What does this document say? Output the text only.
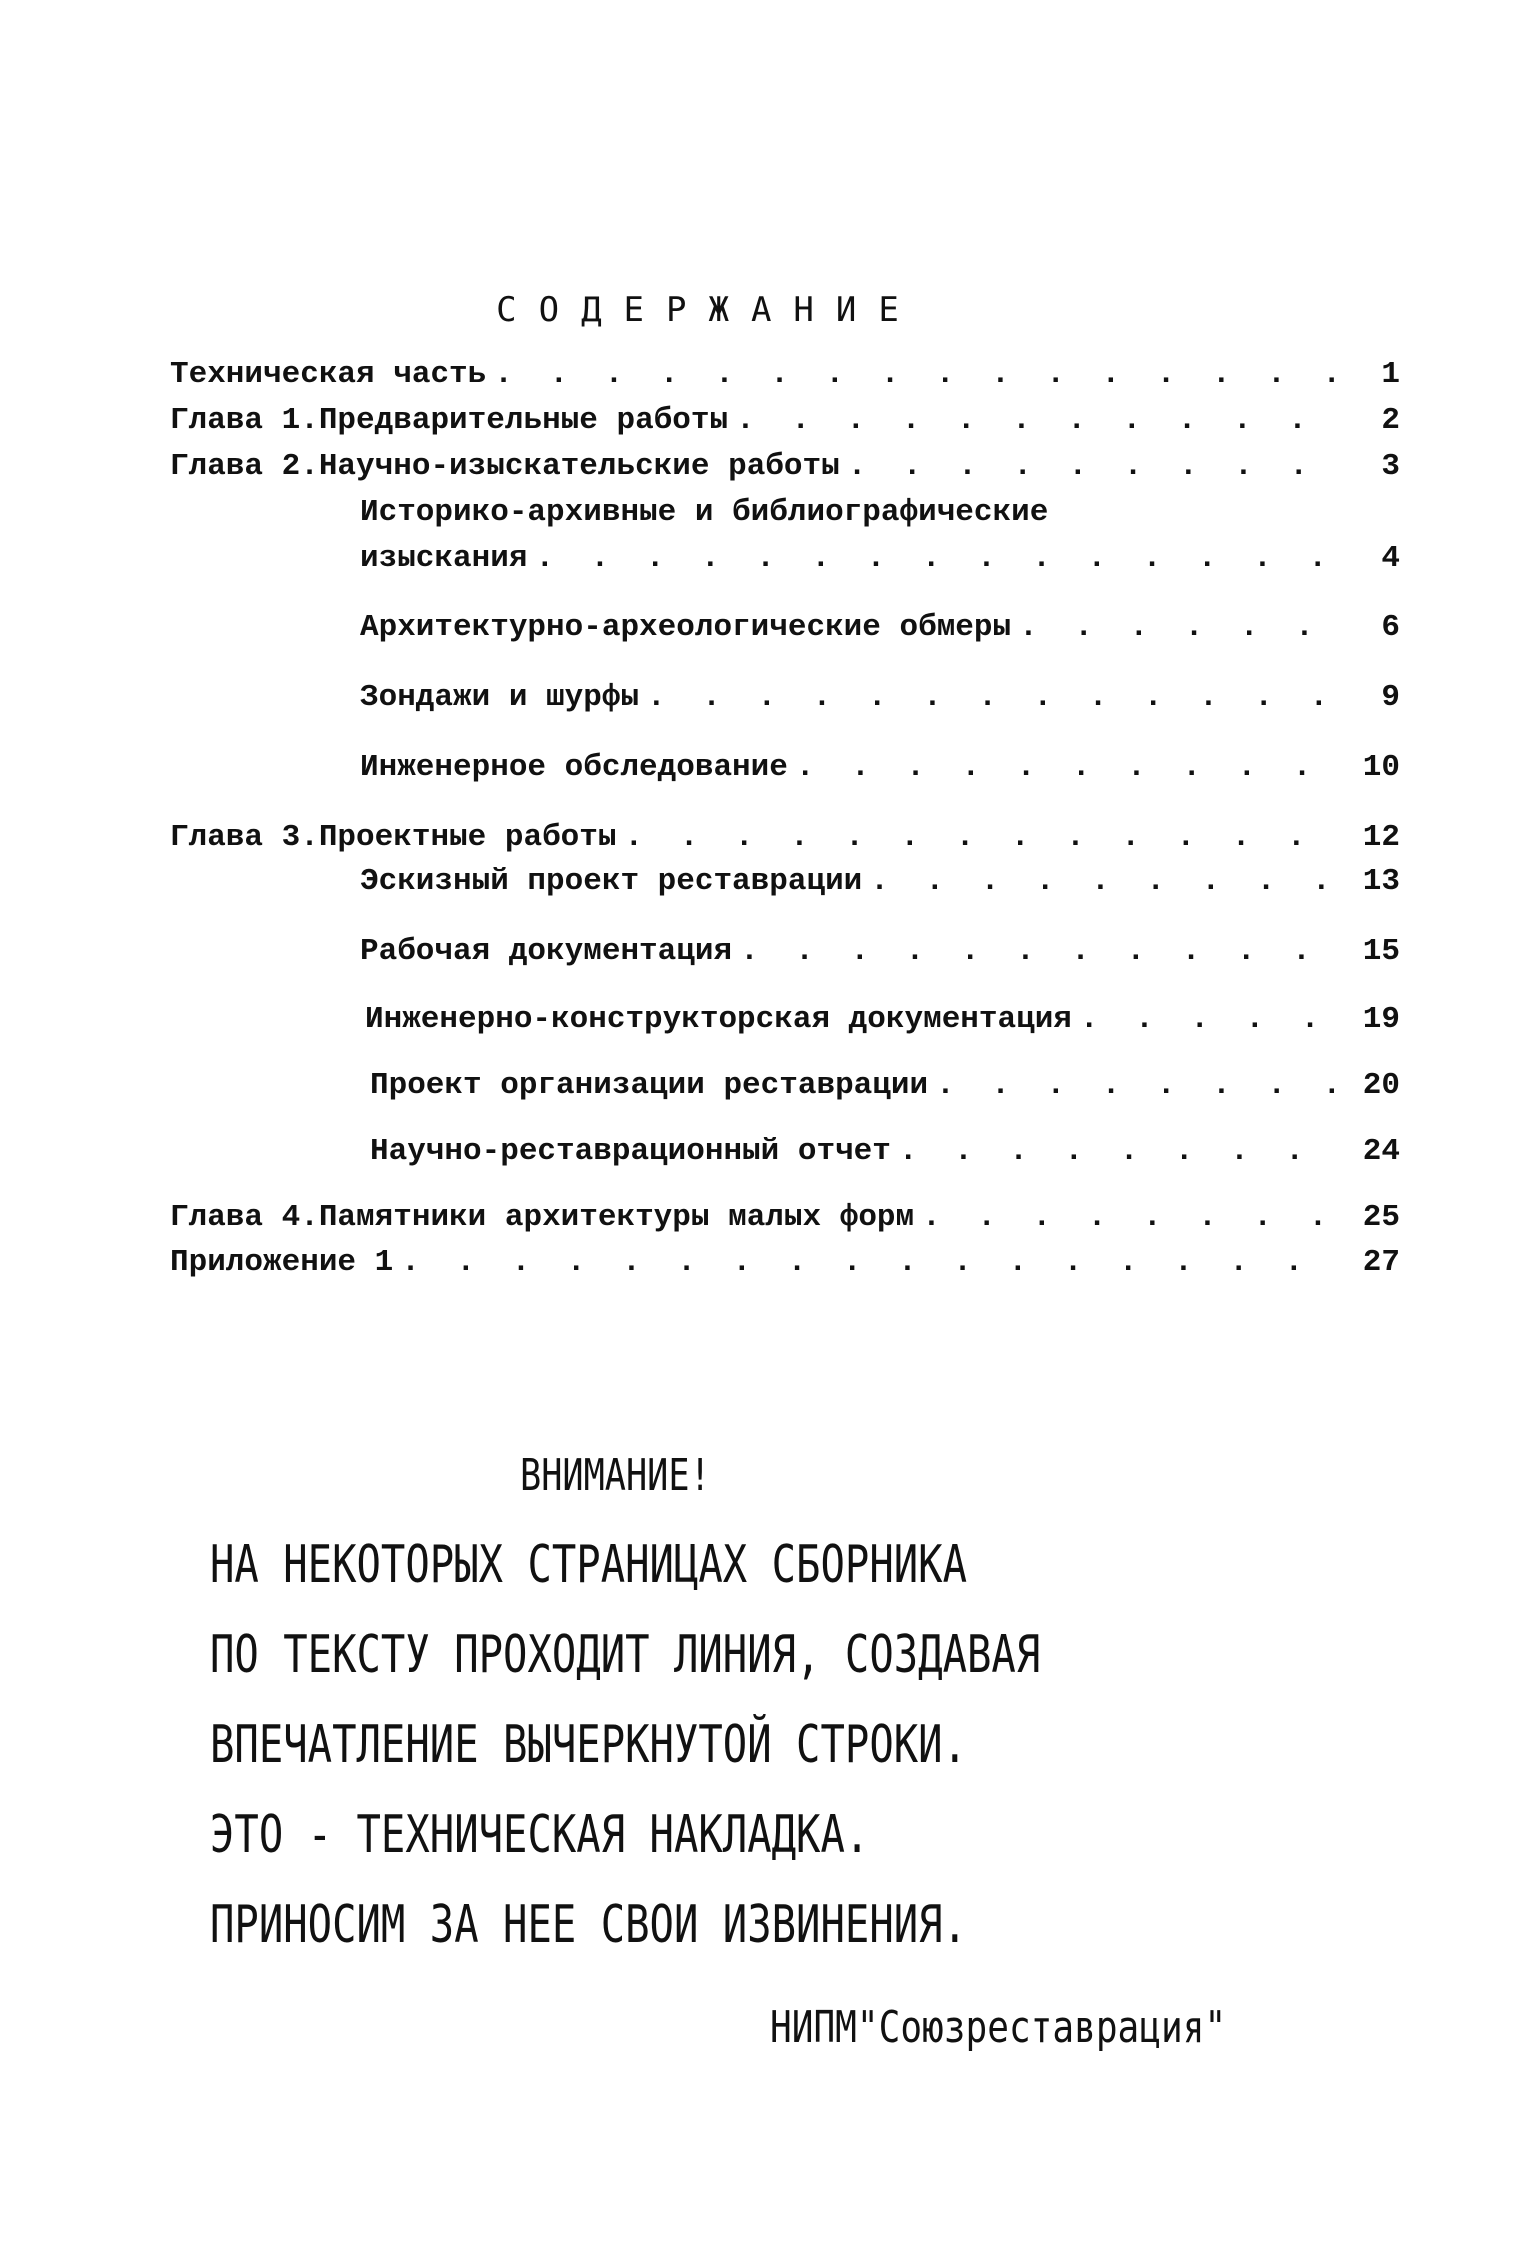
СОДЕРЖАНИЕ
Техническая часть . . .	1
Глава 1. Предварительные работы . . .	2
Глава 2. Научно-изыскательские работы . . .	3
Историко-архивные и библиографические
изыскания . . .	4
Архитектурно-археологические обмеры . . .	6
Зондажи и шурфы . . .	9
Инженерное обследование . . .	10
Глава 3. Проектные работы . . .	12
Эскизный проект реставрации . . .	13
Рабочая документация . . .	15
Инженерно-конструкторская документация . . .	19
Проект организации реставрации . . .	20
Научно-реставрационный отчет . . .	24
Глава 4. Памятники архитектуры малых форм . . .	25
Приложение 1 . . .	27
ВНИМАНИЕ!
НА НЕКОТОРЫХ СТРАНИЦАХ СБОРНИКА
ПО ТЕКСТУ ПРОХОДИТ ЛИНИЯ, СОЗДАВАЯ
ВПЕЧАТЛЕНИЕ ВЫЧЕРКНУТОЙ СТРОКИ.
ЭТО - ТЕХНИЧЕСКАЯ НАКЛАДКА.
ПРИНОСИМ ЗА НЕЕ СВОИ ИЗВИНЕНИЯ.
НИПМ"Союзреставрация"
